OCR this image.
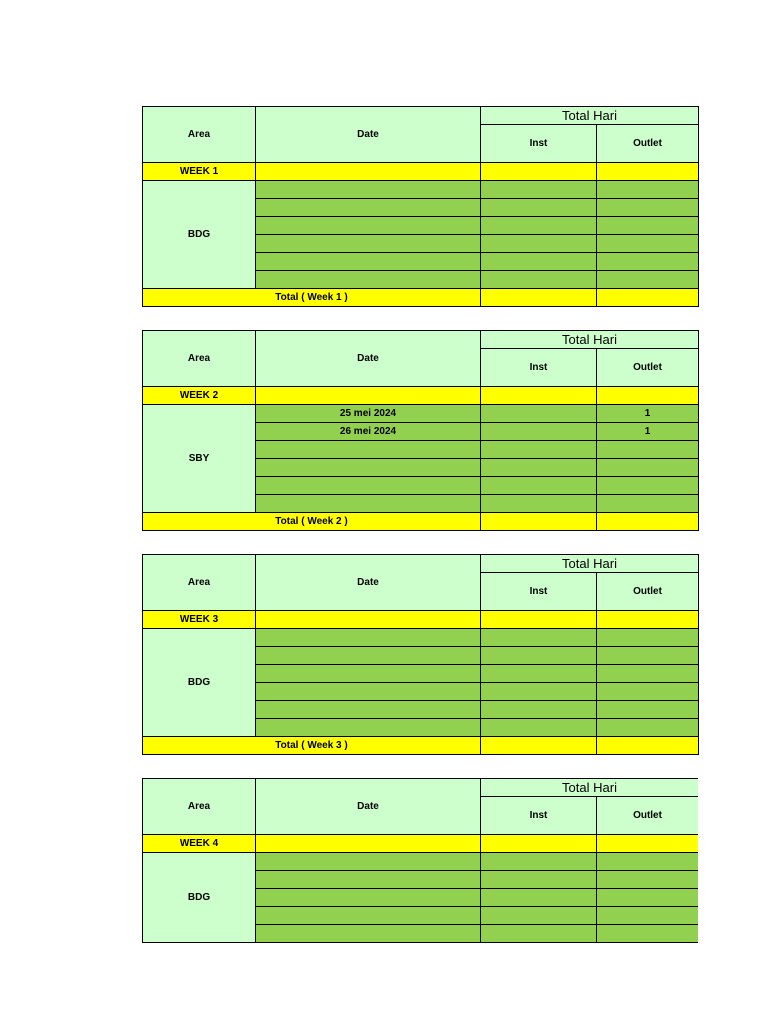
Area	Date	Total Hari	
		Inst	Outlet
WEEK 1			
BDG			

Total ( Week 1 )			
Area	Date	Total Hari	
		Inst	Outlet
WEEK 2			
SBY	25 mei 2024		1
	26 mei 2024		1

Total ( Week 2 )			
Area	Date	Total Hari	
		Inst	Outlet
WEEK 3			
BDG			

Total ( Week 3 )			
Area	Date	Total Hari	
		Inst	Outlet
WEEK 4			
BDG			
